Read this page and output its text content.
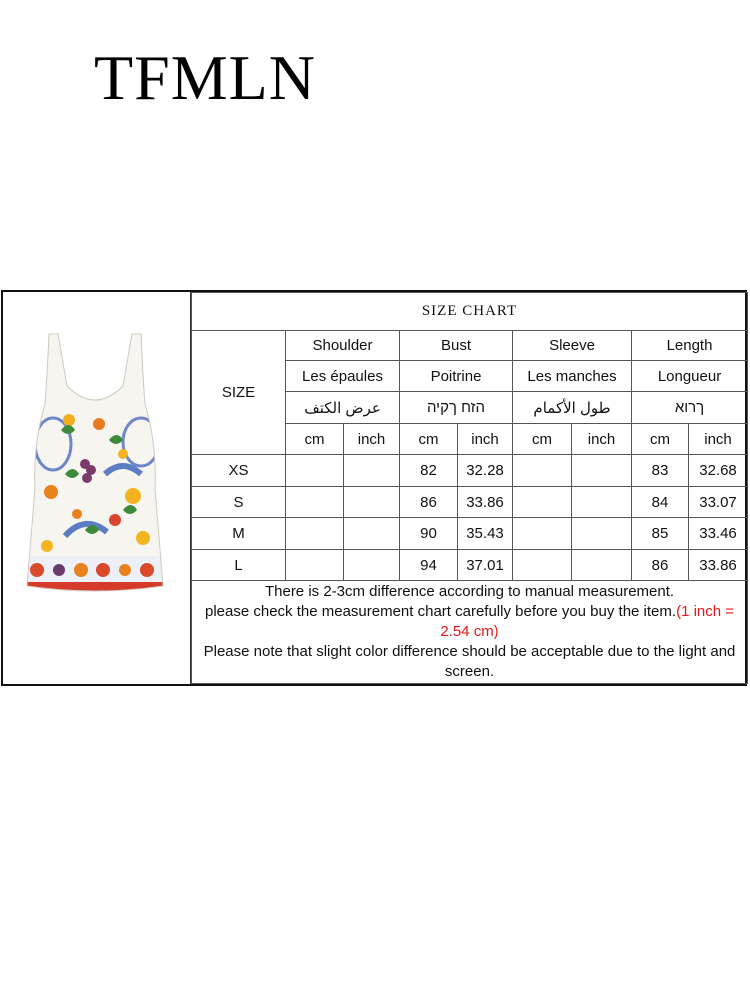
TFMLN
SIZE CHART								
SIZE	Shoulder		Bust		Sleeve		Length	
	Les épaules		Poitrine		Les manches		Longueur	
	عرض الكتف		הזח ךקיה		طول الأكمام		ךרוא	
	cm	inch	cm	inch	cm	inch	cm	inch
XS			82	32.28			83	32.68
S			86	33.86			84	33.07
M			90	35.43			85	33.46
L			94	37.01			86	33.86

There is 2-3cm difference according to manual measurement.
please check the measurement chart carefully before you buy the item.(1 inch = 2.54 cm)
Please note that slight color difference should be acceptable due to the light and screen.								
